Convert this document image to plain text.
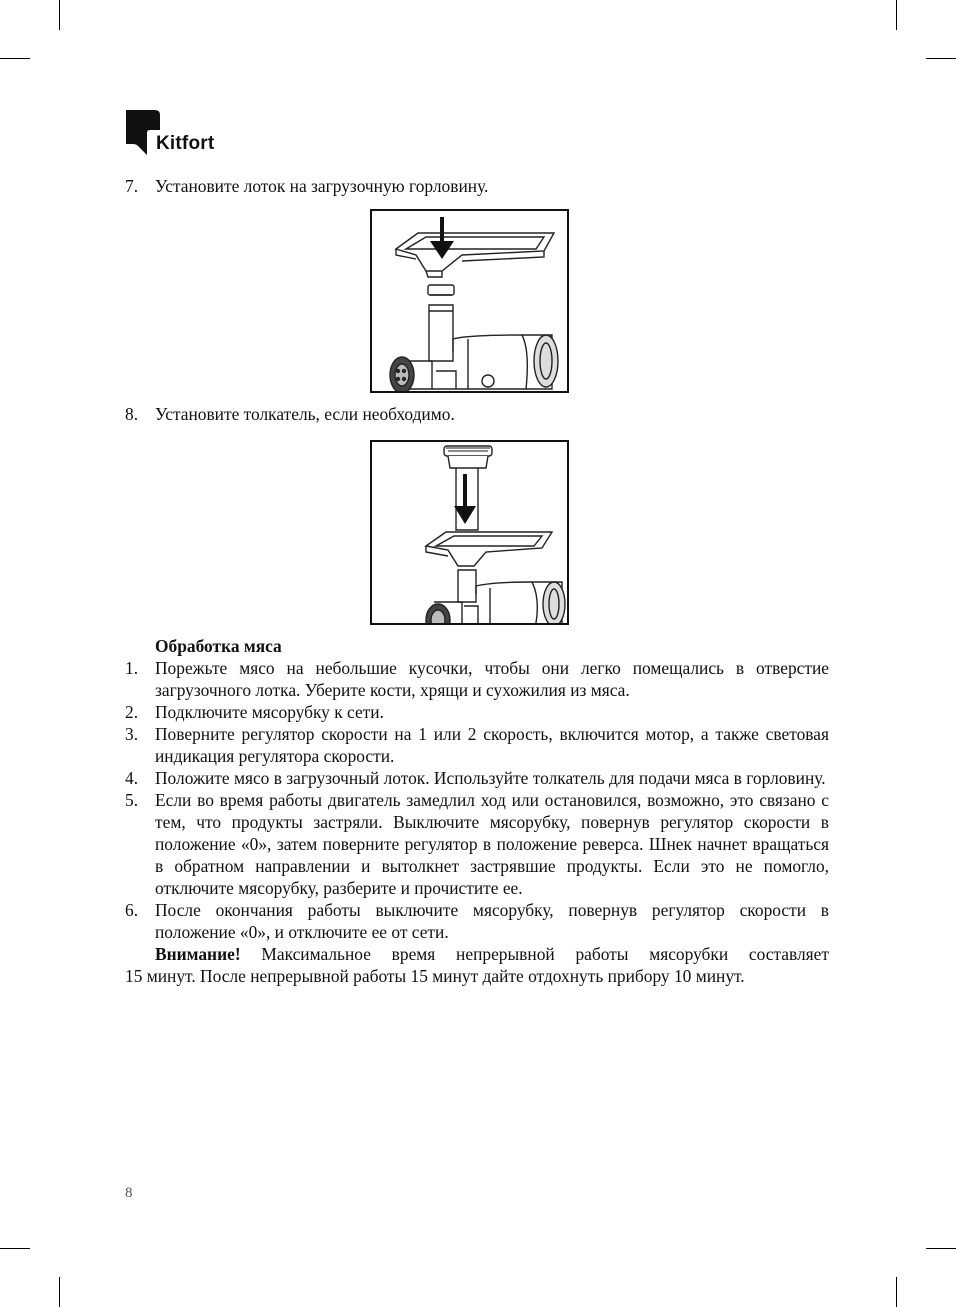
Kitfort
7. Установите лоток на загрузочную горловину.
8. Установите толкатель, если необходимо.
Обработка мяса
1. Порежьте мясо на небольшие кусочки, чтобы они легко помещались в отверстие загрузочного лотка. Уберите кости, хрящи и сухожилия из мяса.
2. Подключите мясорубку к сети.
3. Поверните регулятор скорости на 1 или 2 скорость, включится мотор, а также световая индикация регулятора скорости.
4. Положите мясо в загрузочный лоток. Используйте толкатель для подачи мяса в горловину.
5. Если во время работы двигатель замедлил ход или остановился, возможно, это связано с тем, что продукты застряли. Выключите мясорубку, повернув регулятор скорости в положение «0», затем поверните регулятор в положение реверса. Шнек начнет вращаться в обратном направлении и вытолкнет застрявшие продукты. Если это не помогло, отключите мясорубку, разберите и прочистите ее.
6. После окончания работы выключите мясорубку, повернув регулятор скорости в положение «0», и отключите ее от сети.
Внимание! Максимальное время непрерывной работы мясорубки составляет
15 минут. После непрерывной работы 15 минут дайте отдохнуть прибору 10 минут.
8
